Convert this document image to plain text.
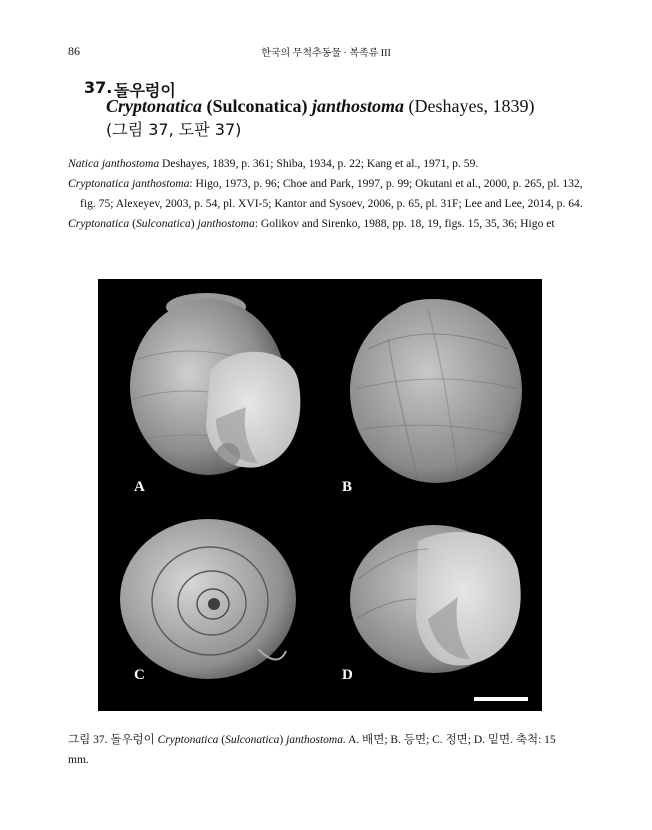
86	한국의 무척추동물 · 복족류 III
37. 돌우렁이
Cryptonatica (Sulconatica) janthostoma (Deshayes, 1839)
(그림 37, 도판 37)

Natica janthostoma Deshayes, 1839, p. 361; Shiba, 1934, p. 22; Kang et al., 1971, p. 59.

Cryptonatica janthostoma: Higo, 1973, p. 96; Choe and Park, 1997, p. 99; Okutani et al., 2000, p. 265, pl. 132, fig. 75; Alexeyev, 2003, p. 54, pl. XVI-5; Kantor and Sysoev, 2006, p. 65, pl. 31F; Lee and Lee, 2014, p. 64.

Cryptonatica (Sulconatica) janthostoma: Golikov and Sirenko, 1988, pp. 18, 19, figs. 15, 35, 36; Higo et

A	B
C	D
그림 37. 돌우렁이 Cryptonatica (Sulconatica) janthostoma. A. 배면; B. 등면; C. 정면; D. 밑면. 축척: 15 mm.
